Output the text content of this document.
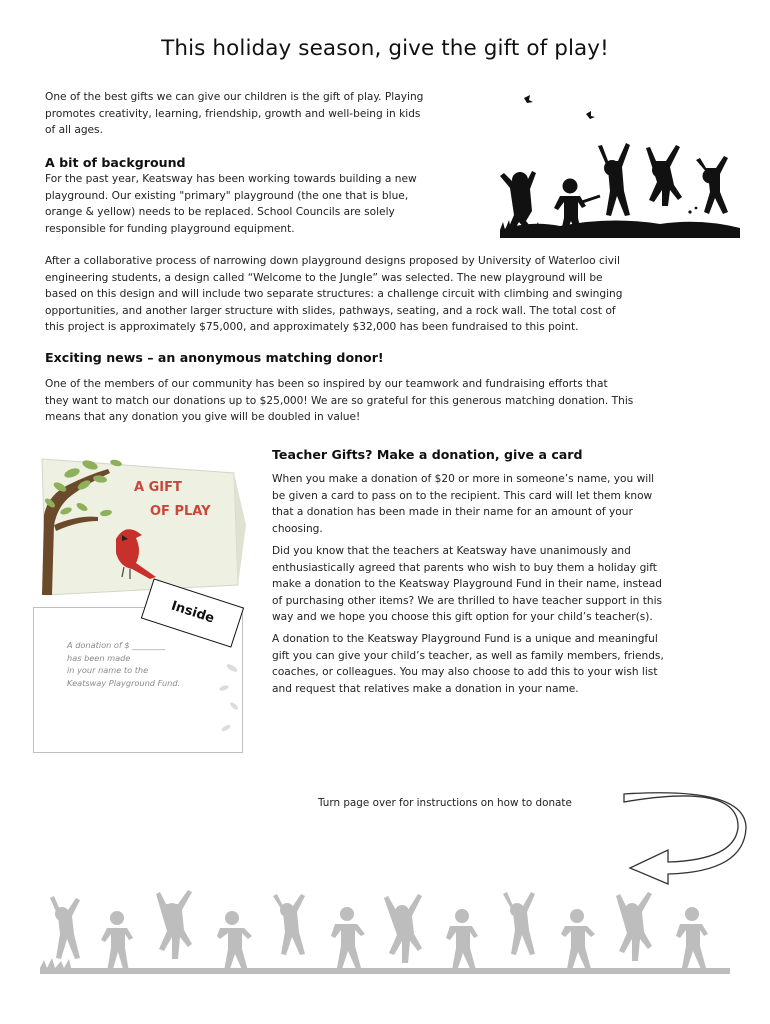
This holiday season, give the gift of play!
One of the best gifts we can give our children is the gift of play. Playing
promotes creativity, learning, friendship, growth and well-being in kids
of all ages.
A bit of background
For the past year, Keatsway has been working towards building a new
playground. Our existing "primary" playground (the one that is blue,
orange & yellow) needs to be replaced. School Councils are solely
responsible for funding playground equipment.
After a collaborative process of narrowing down playground designs proposed by University of Waterloo civil
engineering students, a design called “Welcome to the Jungle” was selected. The new playground will be
based on this design and will include two separate structures: a challenge circuit with climbing and swinging
opportunities, and another larger structure with slides, pathways, seating, and a rock wall. The total cost of
this project is approximately $75,000, and approximately $32,000 has been fundraised to this point.
Exciting news – an anonymous matching donor!
One of the members of our community has been so inspired by our teamwork and fundraising efforts that
they want to match our donations up to $25,000! We are so grateful for this generous matching donation. This
means that any donation you give will be doubled in value!
A GIFT
OF PLAY
A donation of $ ________
has been made
in your name to the
Keatsway Playground Fund.
Inside
Teacher Gifts? Make a donation, give a card
When you make a donation of $20 or more in someone’s name, you will
be given a card to pass on to the recipient. This card will let them know
that a donation has been made in their name for an amount of your
choosing.
Did you know that the teachers at Keatsway have unanimously and
enthusiastically agreed that parents who wish to buy them a holiday gift
make a donation to the Keatsway Playground Fund in their name, instead
of purchasing other items? We are thrilled to have teacher support in this
way and we hope you choose this gift option for your child’s teacher(s).
A donation to the Keatsway Playground Fund is a unique and meaningful
gift you can give your child’s teacher, as well as family members, friends,
coaches, or colleagues. You may also choose to add this to your wish list
and request that relatives make a donation in your name.
Turn page over for instructions on how to donate
